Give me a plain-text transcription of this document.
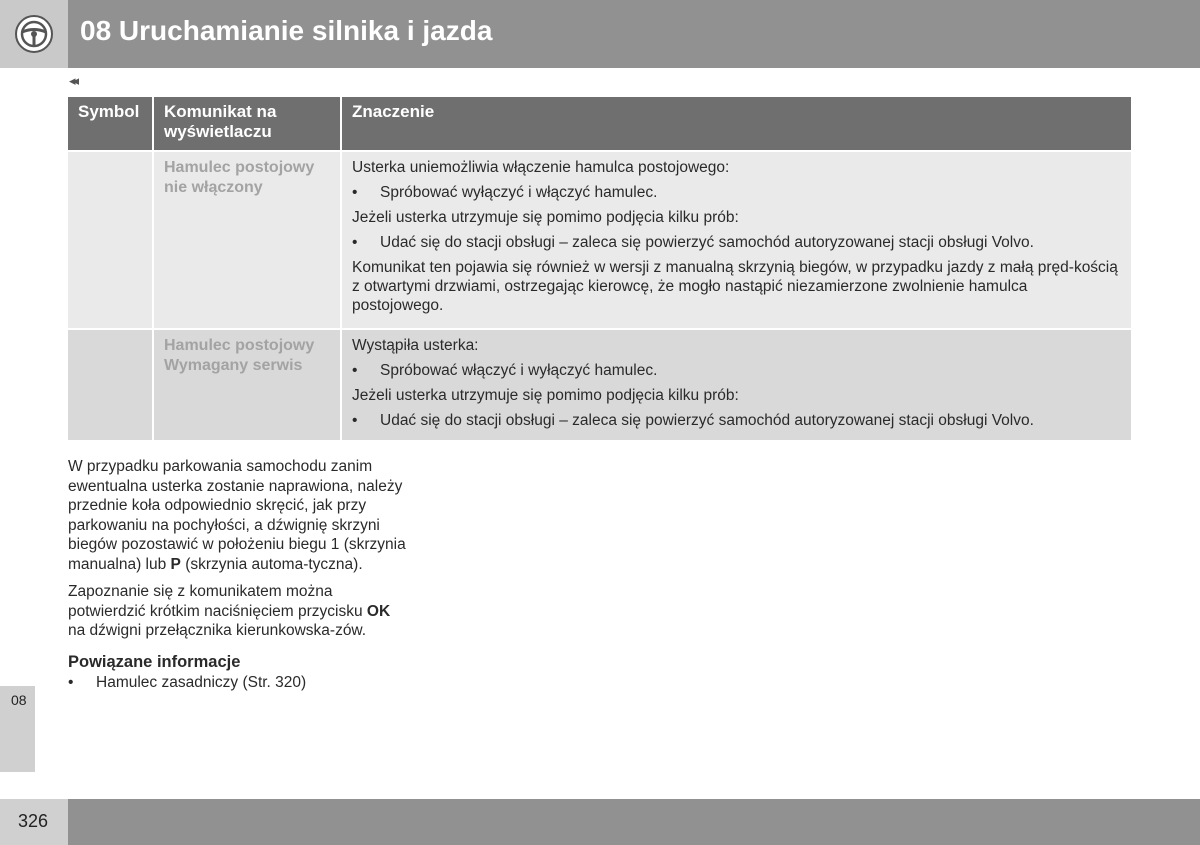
08 Uruchamianie silnika i jazda
◂◂
Symbol	Komunikat na wyświetlaczu
Znaczenie
Hamulec postojowy nie włączony
Usterka uniemożliwia włączenie hamulca postojowego:
• Spróbować wyłączyć i włączyć hamulec.
Jeżeli usterka utrzymuje się pomimo podjęcia kilku prób:
• Udać się do stacji obsługi – zaleca się powierzyć samochód autoryzowanej stacji obsługi Volvo.
Komunikat ten pojawia się również w wersji z manualną skrzynią biegów, w przypadku jazdy z małą pręd-kością z otwartymi drzwiami, ostrzegając kierowcę, że mogło nastąpić niezamierzone zwolnienie hamulca postojowego.
Hamulec postojowy Wymagany serwis
Wystąpiła usterka:
• Spróbować włączyć i wyłączyć hamulec.
Jeżeli usterka utrzymuje się pomimo podjęcia kilku prób:
• Udać się do stacji obsługi – zaleca się powierzyć samochód autoryzowanej stacji obsługi Volvo.

W przypadku parkowania samochodu zanim ewentualna usterka zostanie naprawiona, należy przednie koła odpowiednio skręcić, jak przy parkowaniu na pochyłości, a dźwignię skrzyni biegów pozostawić w położeniu biegu 1 (skrzynia manualna) lub P (skrzynia automa-tyczna).

Zapoznanie się z komunikatem można potwierdzić krótkim naciśnięciem przycisku OK na dźwigni przełącznika kierunkowska-zów.

Powiązane informacje
• Hamulec zasadniczy (Str. 320)
08
326
